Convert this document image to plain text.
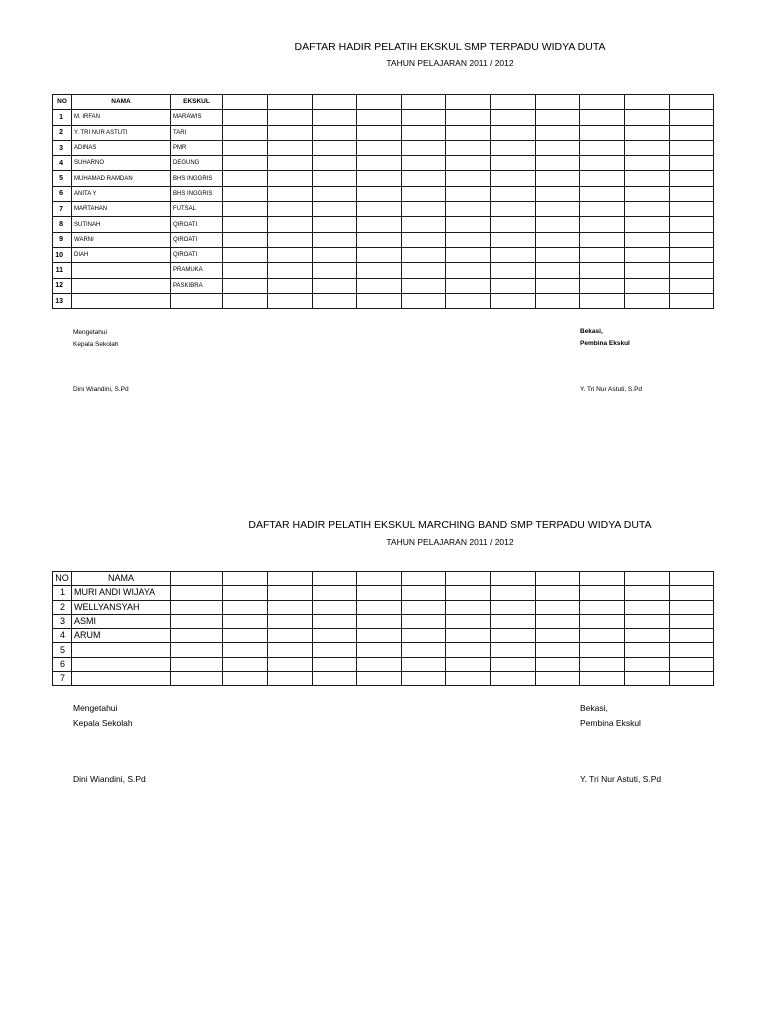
DAFTAR HADIR PELATIH EKSKUL SMP TERPADU WIDYA DUTA
TAHUN PELAJARAN 2011 / 2012
NO	NAMA	EKSKUL											
1	M. IRFAN	MARAWIS											
2	Y. TRI NUR ASTUTI	TARI											
3	ADINAS	PMR											
4	SUHARNO	DEGUNG											
5	MUHAMAD RAMDAN	BHS INGGRIS											
6	ANITA Y	BHS INGGRIS											
7	MARTAHAN	FUTSAL											
8	SUTINAH	QIROATI											
9	WARNI	QIROATI											
10	DIAH	QIROATI											
11		PRAMUKA											
12		PASKIBRA											
13													
Mengetahui
Kepala Sekolah
Dini Wiandini, S.Pd
Bekasi,
Pembina Ekskul
Y. Tri Nur Astuti, S.Pd
DAFTAR HADIR PELATIH EKSKUL MARCHING BAND SMP TERPADU WIDYA DUTA
TAHUN PELAJARAN 2011 / 2012
NO	NAMA												
1	MURI ANDI WIJAYA												
2	WELLYANSYAH												
3	ASMI												
4	ARUM												
5													
6													
7													
Mengetahui
Kepala Sekolah
Dini Wiandini, S.Pd
Bekasi,
Pembina Ekskul
Y. Tri Nur Astuti, S.Pd
